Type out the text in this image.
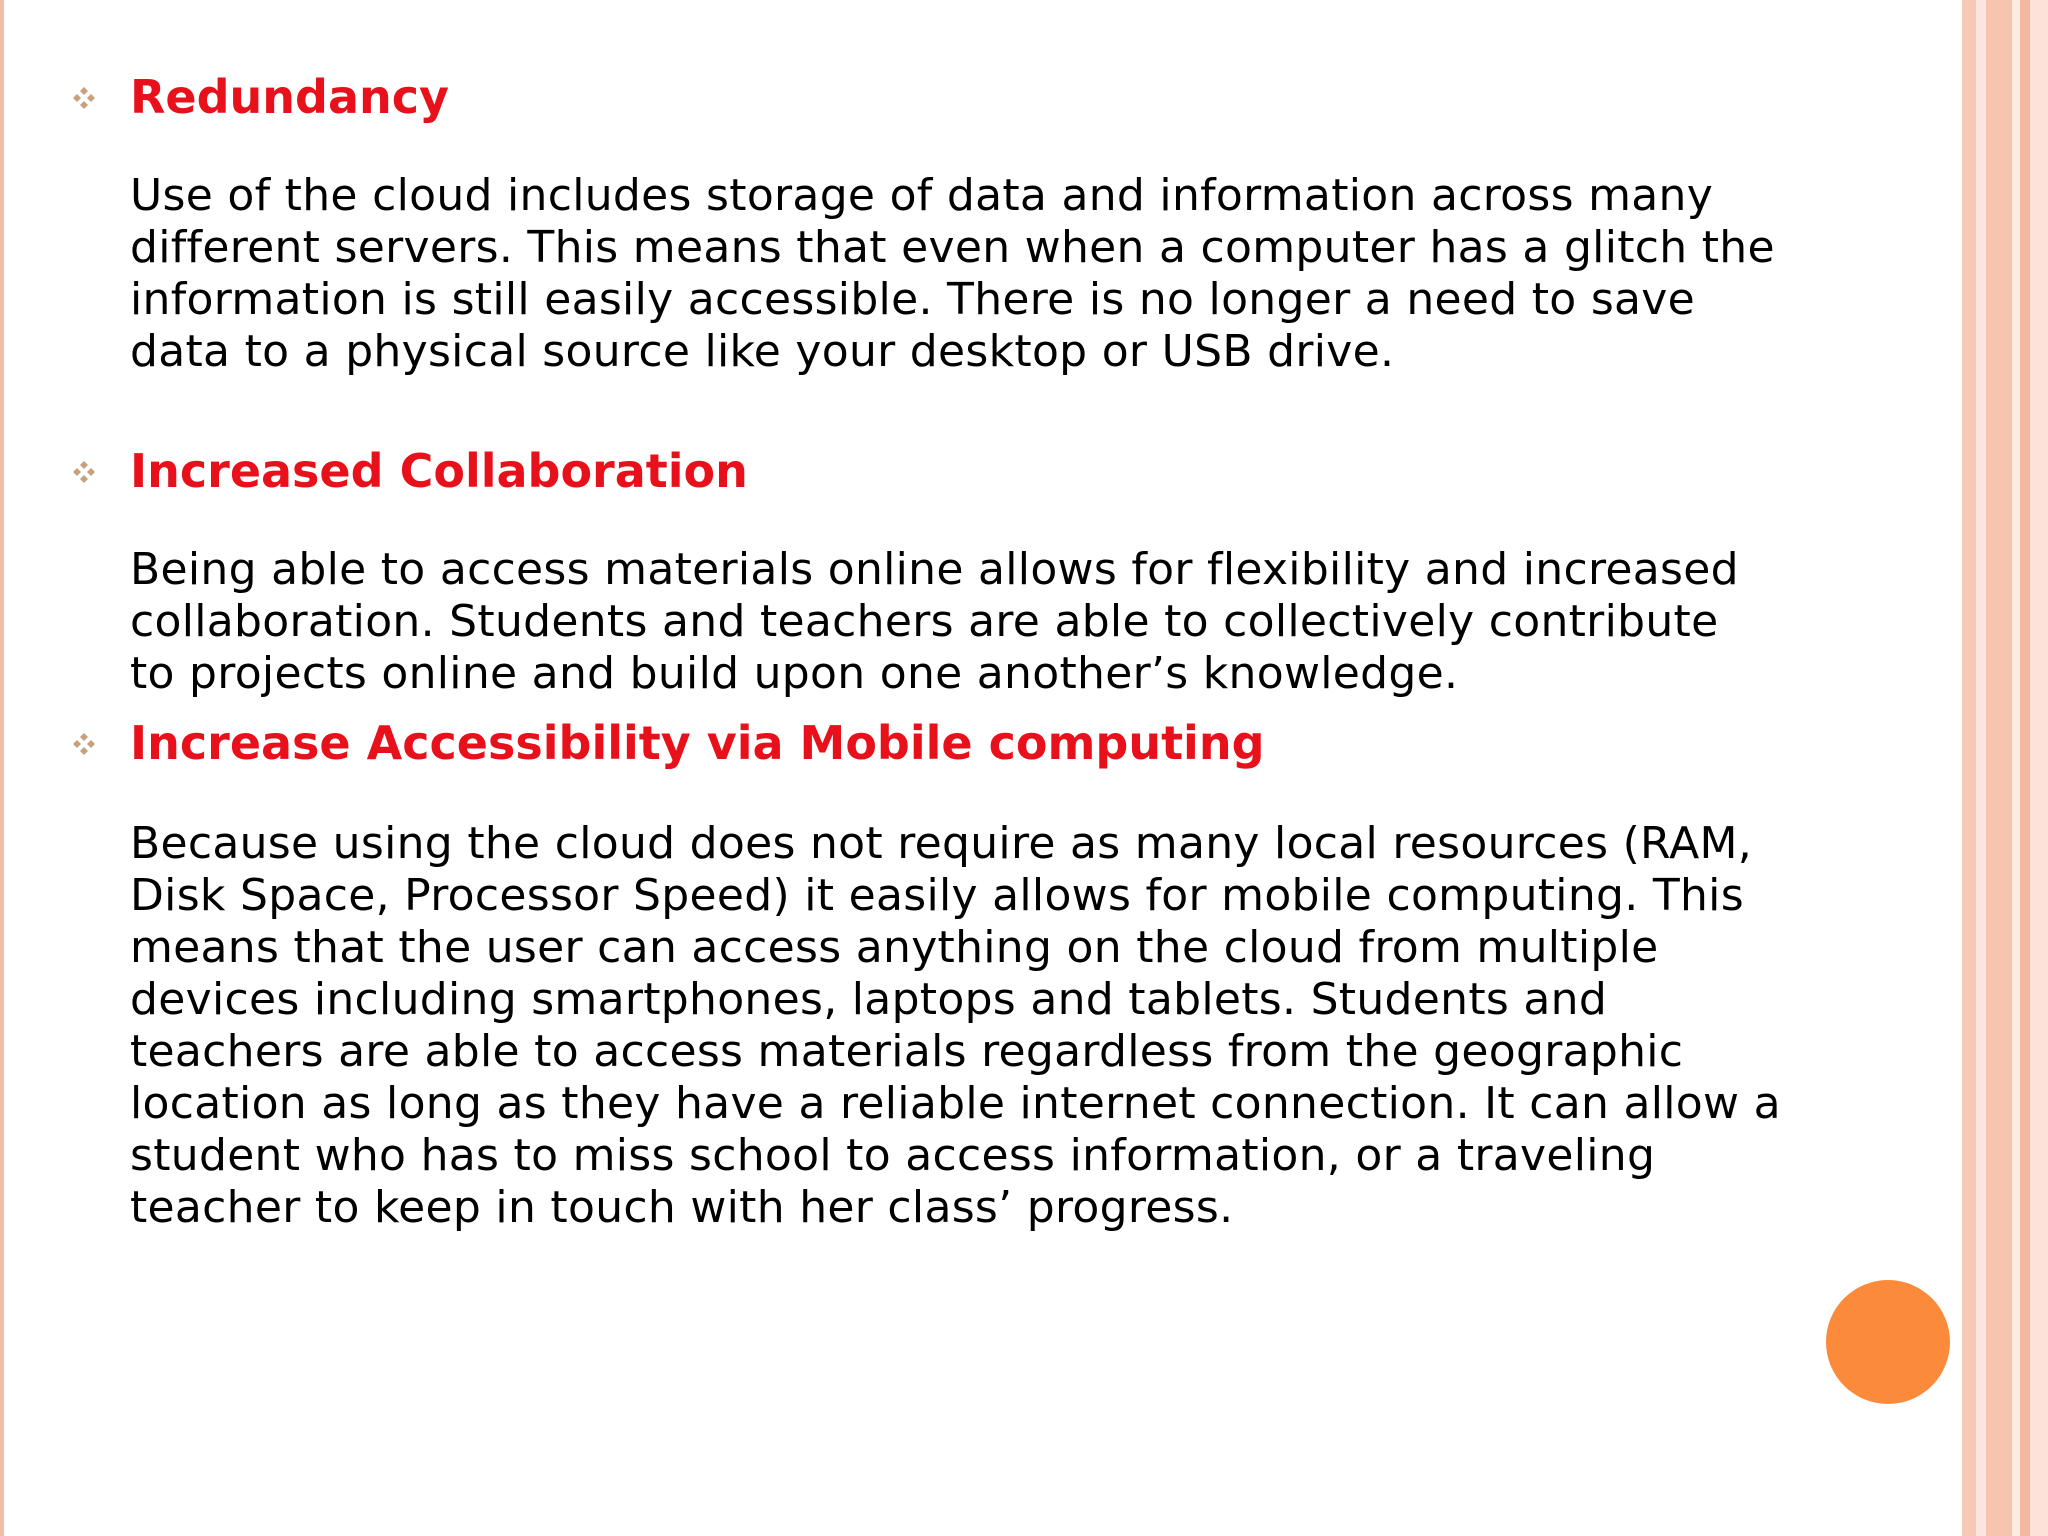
Redundancy

Use of the cloud includes storage of data and information across many
different servers. This means that even when a computer has a glitch the
information is still easily accessible. There is no longer a need to save
data to a physical source like your desktop or USB drive.

Increased Collaboration

Being able to access materials online allows for flexibility and increased
collaboration. Students and teachers are able to collectively contribute
to projects online and build upon one another’s knowledge.

Increase Accessibility via Mobile computing

Because using the cloud does not require as many local resources (RAM,
Disk Space, Processor Speed) it easily allows for mobile computing. This
means that the user can access anything on the cloud from multiple
devices including smartphones, laptops and tablets. Students and
teachers are able to access materials regardless from the geographic
location as long as they have a reliable internet connection. It can allow a
student who has to miss school to access information, or a traveling
teacher to keep in touch with her class’ progress.
